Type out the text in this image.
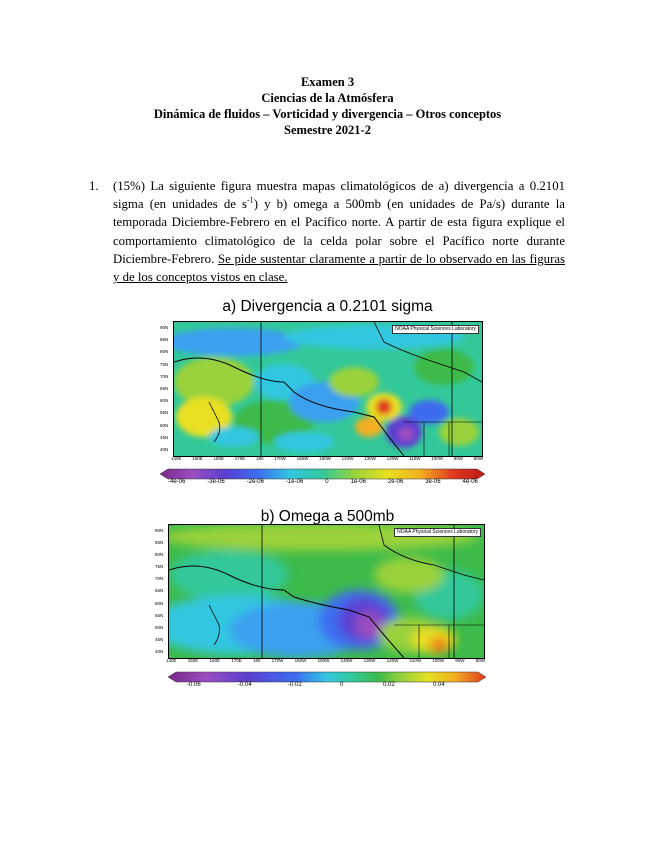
Examen 3
Ciencias de la Atmósfera
Dinámica de fluidos – Vorticidad y divergencia – Otros conceptos
Semestre 2021-2
1. (15%) La siguiente figura muestra mapas climatológicos de a) divergencia a 0.2101 sigma (en unidades de $s^{-1}$) y b) omega a 500mb (en unidades de Pa/s) durante la temporada Diciembre-Febrero en el Pacífico norte. A partir de esta figura explique el comportamiento climatológico de la celda polar sobre el Pacífico norte durante Diciembre-Febrero. Se pide sustentar claramente a partir de lo observado en las figuras y de los conceptos vistos en clase.
a) Divergencia a 0.2101 sigma
NOAA Physical Sciences Laboratory
90N
85N
80N
75N
70N
65N
60N
55N
50N
45N
40N
140E 150E 160E 170E 180 170W 160W 150W 140W 130W 120W 110W 100W 90W 80W
-4e-06	-3e-06	-2e-06	-1e-06	0	1e-06	2e-06	3e-06	4e-06
b) Omega a 500mb
NOAA Physical Sciences Laboratory
90N
85N
80N
75N
70N
65N
60N
55N
50N
45N
40N
140E 150E 160E 170E 180 170W 160W 150W 140W 130W 120W 110W 100W 90W 80W
-0.06	-0.04	-0.02	0	0.02	0.04
